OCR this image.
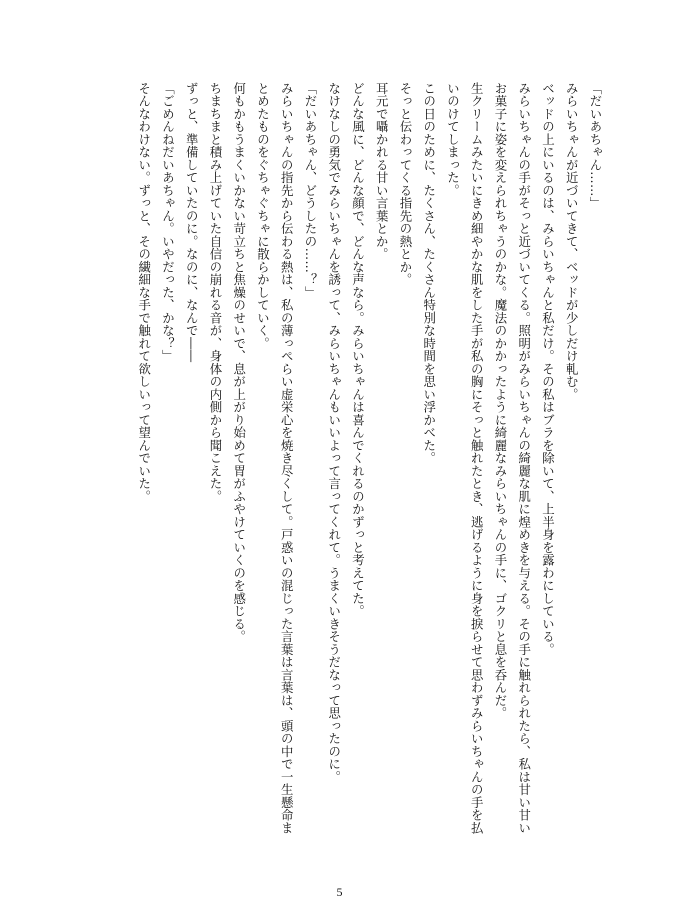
「だいあちゃん……」
みらいちゃんが近づいてきて、ベッドが少しだけ軋む。
ベッドの上にいるのは、みらいちゃんと私だけ。その私はブラを除いて、上半身を露わにしている。
みらいちゃんの手がそっと近づいてくる。照明がみらいちゃんの綺麗な肌に煌めきを与える。その手に触れられたら、私は甘い甘い
お菓子に姿を変えられちゃうのかな。魔法のかかったように綺麗なみらいちゃんの手に、ゴクリと息を呑んだ。
生クリームみたいにきめ細やかな肌をした手が私の胸にそっと触れたとき、逃げるように身を捩らせて思わずみらいちゃんの手を払
いのけてしまった。
この日のために、たくさん、たくさん特別な時間を思い浮かべた。
そっと伝わってくる指先の熱とか。
耳元で囁かれる甘い言葉とか。
どんな風に、どんな顔で、どんな声なら。みらいちゃんは喜んでくれるのかずっと考えてた。
なけなしの勇気でみらいちゃんを誘って、みらいちゃんもいいよって言ってくれて。うまくいきそうだなって思ったのに。
「だいあちゃん、どうしたの……？」
みらいちゃんの指先から伝わる熱は、私の薄っぺらい虚栄心を焼き尽くして。戸惑いの混じった言葉は言葉は、頭の中で一生懸命ま
とめたものをぐちゃぐちゃに散らかしていく。
何もかもうまくいかない苛立ちと焦燥のせいで、息が上がり始めて胃がふやけていくのを感じる。
ちまちまと積み上げていた自信の崩れる音が、身体の内側から聞こえた。
ずっと、準備していたのに。なのに、なんで――
「ごめんねだいあちゃん。いやだった、かな？」
そんなわけない。ずっと、その繊細な手で触れて欲しいって望んでいた。
5
